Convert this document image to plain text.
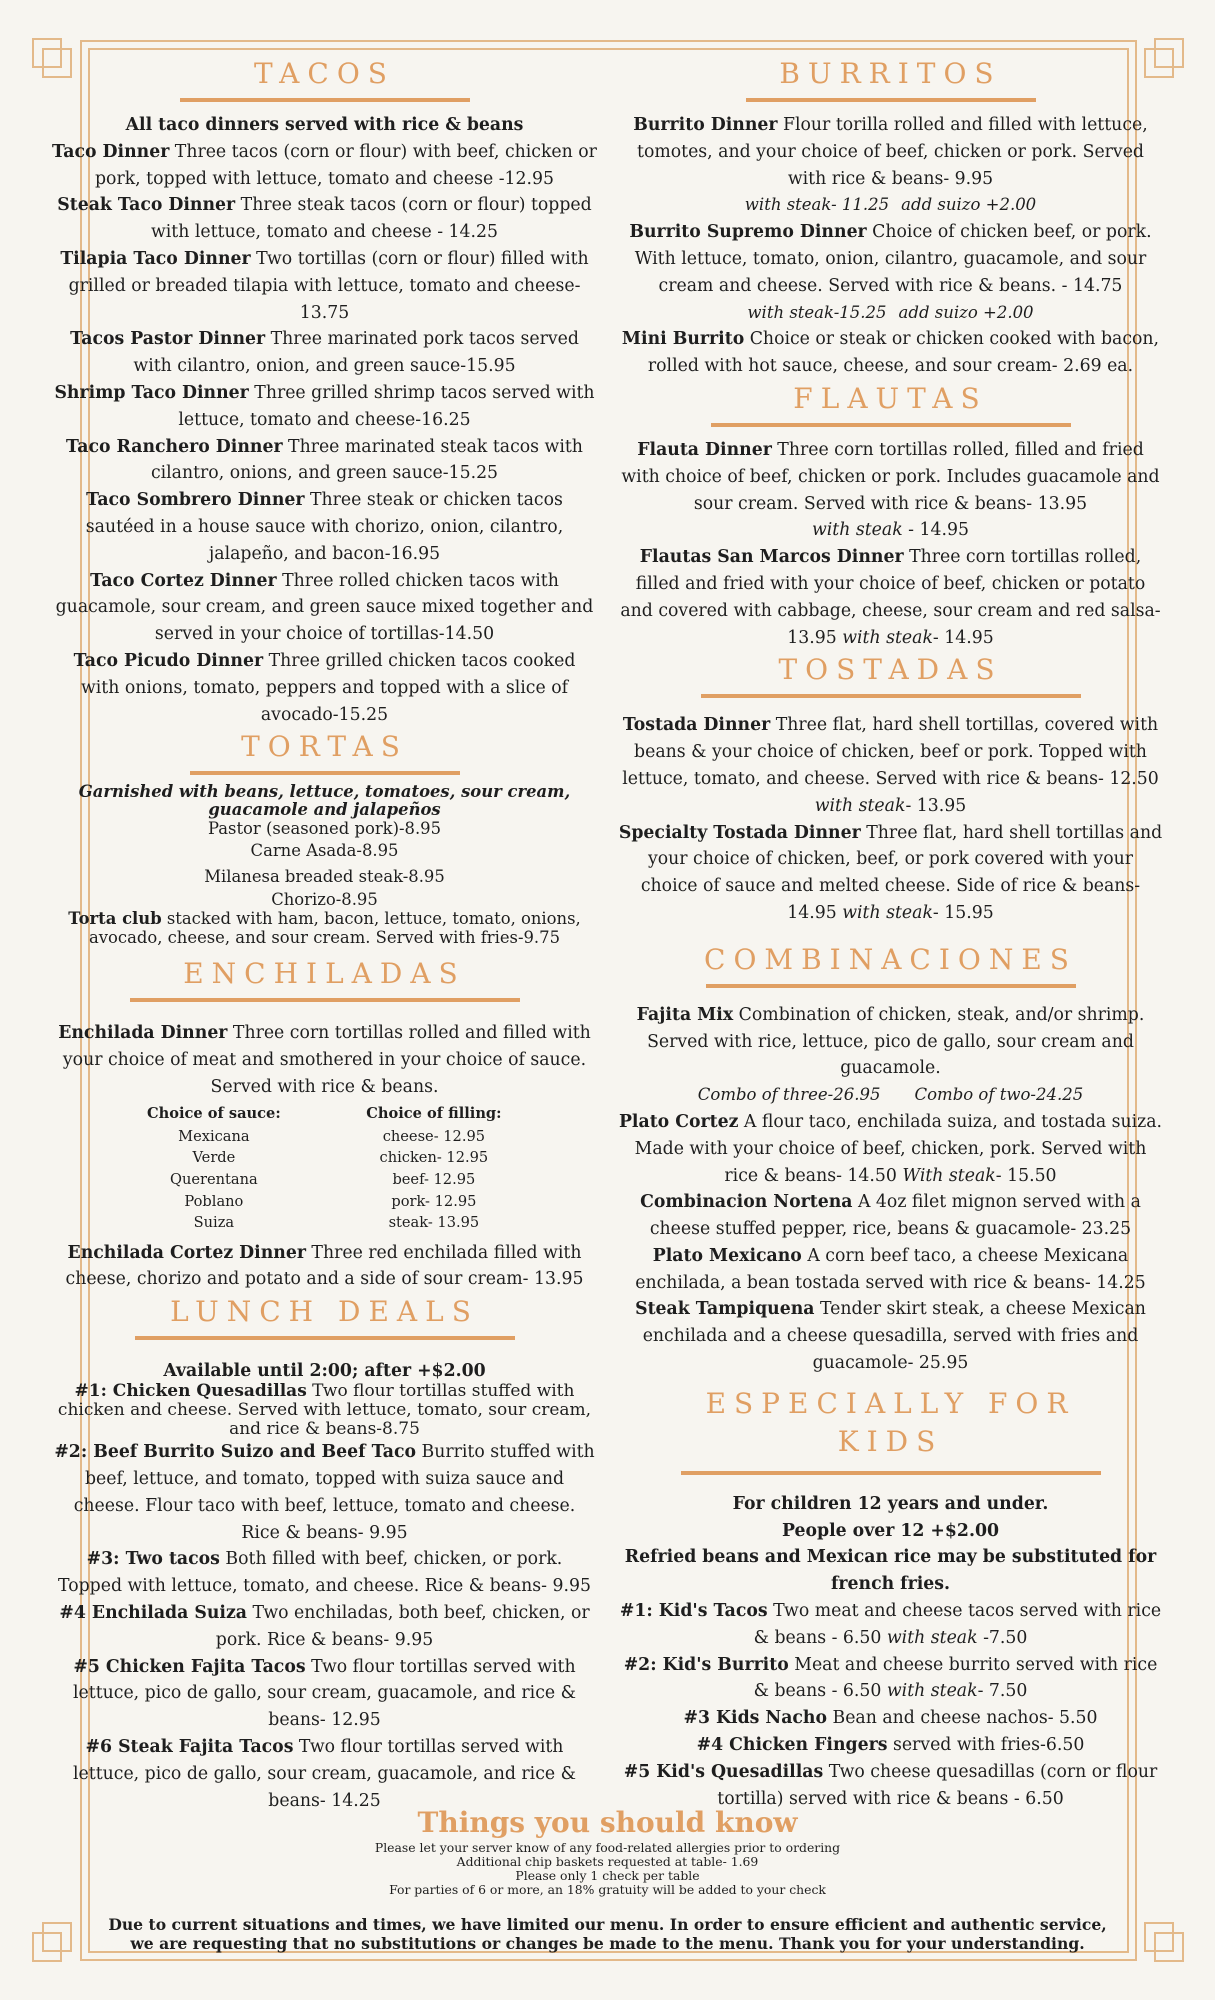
TACOS

All taco dinners served with rice & beans

Taco Dinner Three tacos (corn or flour) with beef, chicken or pork, topped with lettuce, tomato and cheese -12.95

Steak Taco Dinner Three steak tacos (corn or flour) topped with lettuce, tomato and cheese - 14.25

Tilapia Taco Dinner Two tortillas (corn or flour) filled with grilled or breaded tilapia with lettuce, tomato and cheese-13.75

Tacos Pastor Dinner Three marinated pork tacos served with cilantro, onion, and green sauce-15.95

Shrimp Taco Dinner Three grilled shrimp tacos served with lettuce, tomato and cheese-16.25

Taco Ranchero Dinner Three marinated steak tacos with cilantro, onions, and green sauce-15.25

Taco Sombrero Dinner Three steak or chicken tacos sautéed in a house sauce with chorizo, onion, cilantro, jalapeño, and bacon-16.95

Taco Cortez Dinner Three rolled chicken tacos with guacamole, sour cream, and green sauce mixed together and served in your choice of tortillas-14.50

Taco Picudo Dinner Three grilled chicken tacos cooked with onions, tomato, peppers and topped with a slice of avocado-15.25

TORTAS

Garnished with beans, lettuce, tomatoes, sour cream, guacamole and jalapeños

Pastor (seasoned pork)-8.95

Carne Asada-8.95

Milanesa breaded steak-8.95

Chorizo-8.95

Torta club stacked with ham, bacon, lettuce, tomato, onions, avocado, cheese, and sour cream. Served with fries-9.75

ENCHILADAS

Enchilada Dinner Three corn tortillas rolled and filled with your choice of meat and smothered in your choice of sauce. Served with rice & beans.

Choice of sauce:	Choice of filling:
Mexicana	cheese- 12.95
Verde	chicken- 12.95
Querentana	beef- 12.95
Poblano	pork- 12.95
Suiza	steak- 13.95

Enchilada Cortez Dinner Three red enchilada filled with cheese, chorizo and potato and a side of sour cream- 13.95

LUNCH DEALS

Available until 2:00; after +$2.00

#1: Chicken Quesadillas Two flour tortillas stuffed with chicken and cheese. Served with lettuce, tomato, sour cream, and rice & beans-8.75

#2: Beef Burrito Suizo and Beef Taco Burrito stuffed with beef, lettuce, and tomato, topped with suiza sauce and cheese. Flour taco with beef, lettuce, tomato and cheese. Rice & beans- 9.95

#3: Two tacos Both filled with beef, chicken, or pork. Topped with lettuce, tomato, and cheese. Rice & beans- 9.95

#4 Enchilada Suiza Two enchiladas, both beef, chicken, or pork. Rice & beans- 9.95

#5 Chicken Fajita Tacos Two flour tortillas served with lettuce, pico de gallo, sour cream, guacamole, and rice & beans- 12.95

#6 Steak Fajita Tacos Two flour tortillas served with lettuce, pico de gallo, sour cream, guacamole, and rice & beans- 14.25

BURRITOS

Burrito Dinner Flour torilla rolled and filled with lettuce, tomotes, and your choice of beef, chicken or pork. Served with rice & beans- 9.95

with steak- 11.25 add suizo +2.00

Burrito Supremo Dinner Choice of chicken beef, or pork. With lettuce, tomato, onion, cilantro, guacamole, and sour cream and cheese. Served with rice & beans. - 14.75

with steak-15.25 add suizo +2.00

Mini Burrito Choice or steak or chicken cooked with bacon, rolled with hot sauce, cheese, and sour cream- 2.69 ea.

FLAUTAS

Flauta Dinner Three corn tortillas rolled, filled and fried with choice of beef, chicken or pork. Includes guacamole and sour cream. Served with rice & beans- 13.95

with steak - 14.95

Flautas San Marcos Dinner Three corn tortillas rolled, filled and fried with your choice of beef, chicken or potato and covered with cabbage, cheese, sour cream and red salsa- 13.95 with steak- 14.95

TOSTADAS

Tostada Dinner Three flat, hard shell tortillas, covered with beans & your choice of chicken, beef or pork. Topped with lettuce, tomato, and cheese. Served with rice & beans- 12.50 with steak- 13.95

Specialty Tostada Dinner Three flat, hard shell tortillas and your choice of chicken, beef, or pork covered with your choice of sauce and melted cheese. Side of rice & beans- 14.95 with steak- 15.95

COMBINACIONES

Fajita Mix Combination of chicken, steak, and/or shrimp. Served with rice, lettuce, pico de gallo, sour cream and guacamole.

Combo of three-26.95 Combo of two-24.25

Plato Cortez A flour taco, enchilada suiza, and tostada suiza. Made with your choice of beef, chicken, pork. Served with rice & beans- 14.50 With steak- 15.50

Combinacion Nortena A 4oz filet mignon served with a cheese stuffed pepper, rice, beans & guacamole- 23.25

Plato Mexicano A corn beef taco, a cheese Mexicana enchilada, a bean tostada served with rice & beans- 14.25

Steak Tampiquena Tender skirt steak, a cheese Mexican enchilada and a cheese quesadilla, served with fries and guacamole- 25.95

ESPECIALLY FOR
KIDS

For children 12 years and under.

People over 12 +$2.00

Refried beans and Mexican rice may be substituted for french fries.

#1: Kid's Tacos Two meat and cheese tacos served with rice & beans - 6.50 with steak -7.50

#2: Kid's Burrito Meat and cheese burrito served with rice & beans - 6.50 with steak- 7.50

#3 Kids Nacho Bean and cheese nachos- 5.50

#4 Chicken Fingers served with fries-6.50

#5 Kid's Quesadillas Two cheese quesadillas (corn or flour tortilla) served with rice & beans - 6.50

Things you should know

Please let your server know of any food-related allergies prior to ordering

Additional chip baskets requested at table- 1.69

Please only 1 check per table

For parties of 6 or more, an 18% gratuity will be added to your check

Due to current situations and times, we have limited our menu. In order to ensure efficient and authentic service, we are requesting that no substitutions or changes be made to the menu. Thank you for your understanding.
